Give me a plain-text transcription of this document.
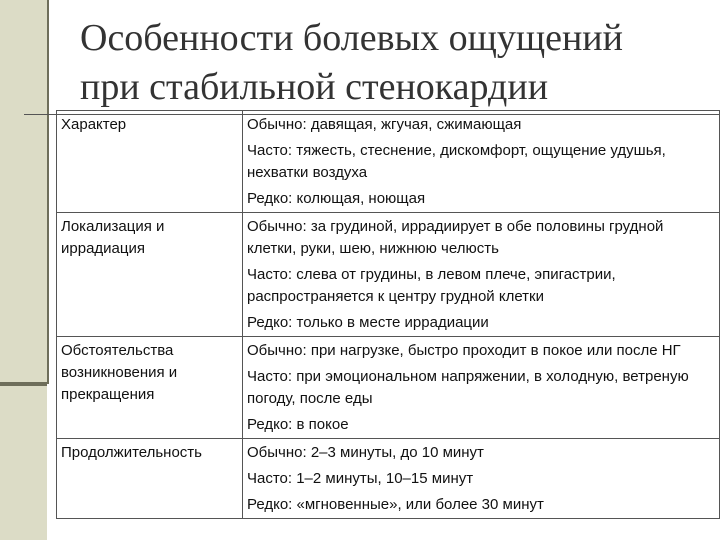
Особенности болевых ощущений
при стабильной стенокардии
Характер	Обычно: давящая, жгучая, сжимающая
Часто: тяжесть, стеснение, дискомфорт, ощущение удушья, нехватки воздуха
Редко: колющая, ноющая

Локализация и иррадиация	Обычно: за грудиной, иррадиирует в обе половины грудной клетки, руки, шею, нижнюю челюсть
Часто: слева от грудины, в левом плече, эпигастрии, распространяется к центру грудной клетки
Редко: только в месте иррадиации

Обстоятельства возникновения и прекращения	Обычно: при нагрузке, быстро проходит в покое или после НГ
Часто: при эмоциональном напряжении, в холодную, ветреную погоду, после еды
Редко: в покое

Продолжительность	Обычно: 2–3 минуты, до 10 минут
Часто: 1–2 минуты, 10–15 минут
Редко: «мгновенные», или более 30 минут
